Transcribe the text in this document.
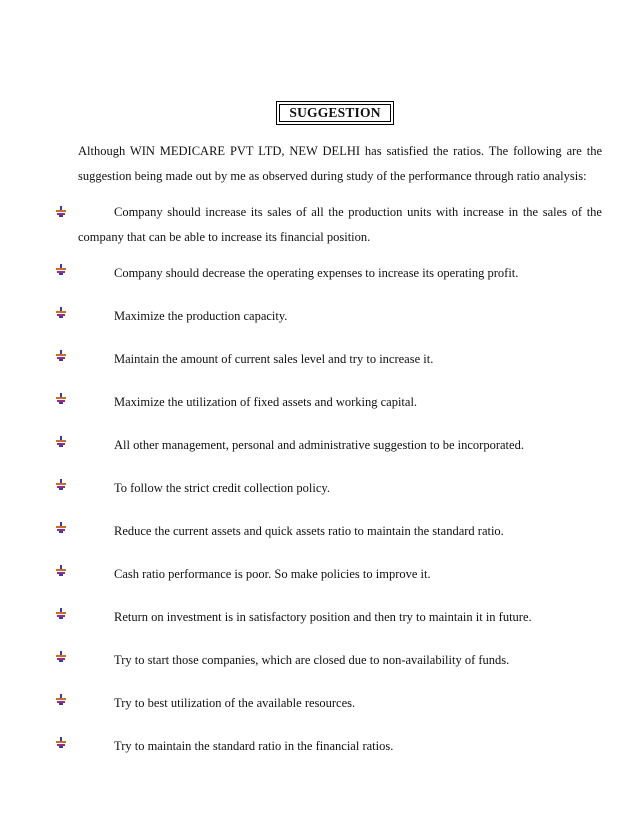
SUGGESTION
Although WIN MEDICARE PVT LTD, NEW DELHI has satisfied the ratios. The following are the
suggestion being made out by me as observed during study of the performance through ratio analysis:
Company should increase its sales of all the production units with increase in the sales of the
company that can be able to increase its financial position.
Company should decrease the operating expenses to increase its operating profit.
Maximize the production capacity.
Maintain the amount of current sales level and try to increase it.
Maximize the utilization of fixed assets and working capital.
All other management, personal and administrative suggestion to be incorporated.
To follow the strict credit collection policy.
Reduce the current assets and quick assets ratio to maintain the standard ratio.
Cash ratio performance is poor. So make policies to improve it.
Return on investment is in satisfactory position and then try to maintain it in future.
Try to start those companies, which are closed due to non-availability of funds.
Try to best utilization of the available resources.
Try to maintain the standard ratio in the financial ratios.
